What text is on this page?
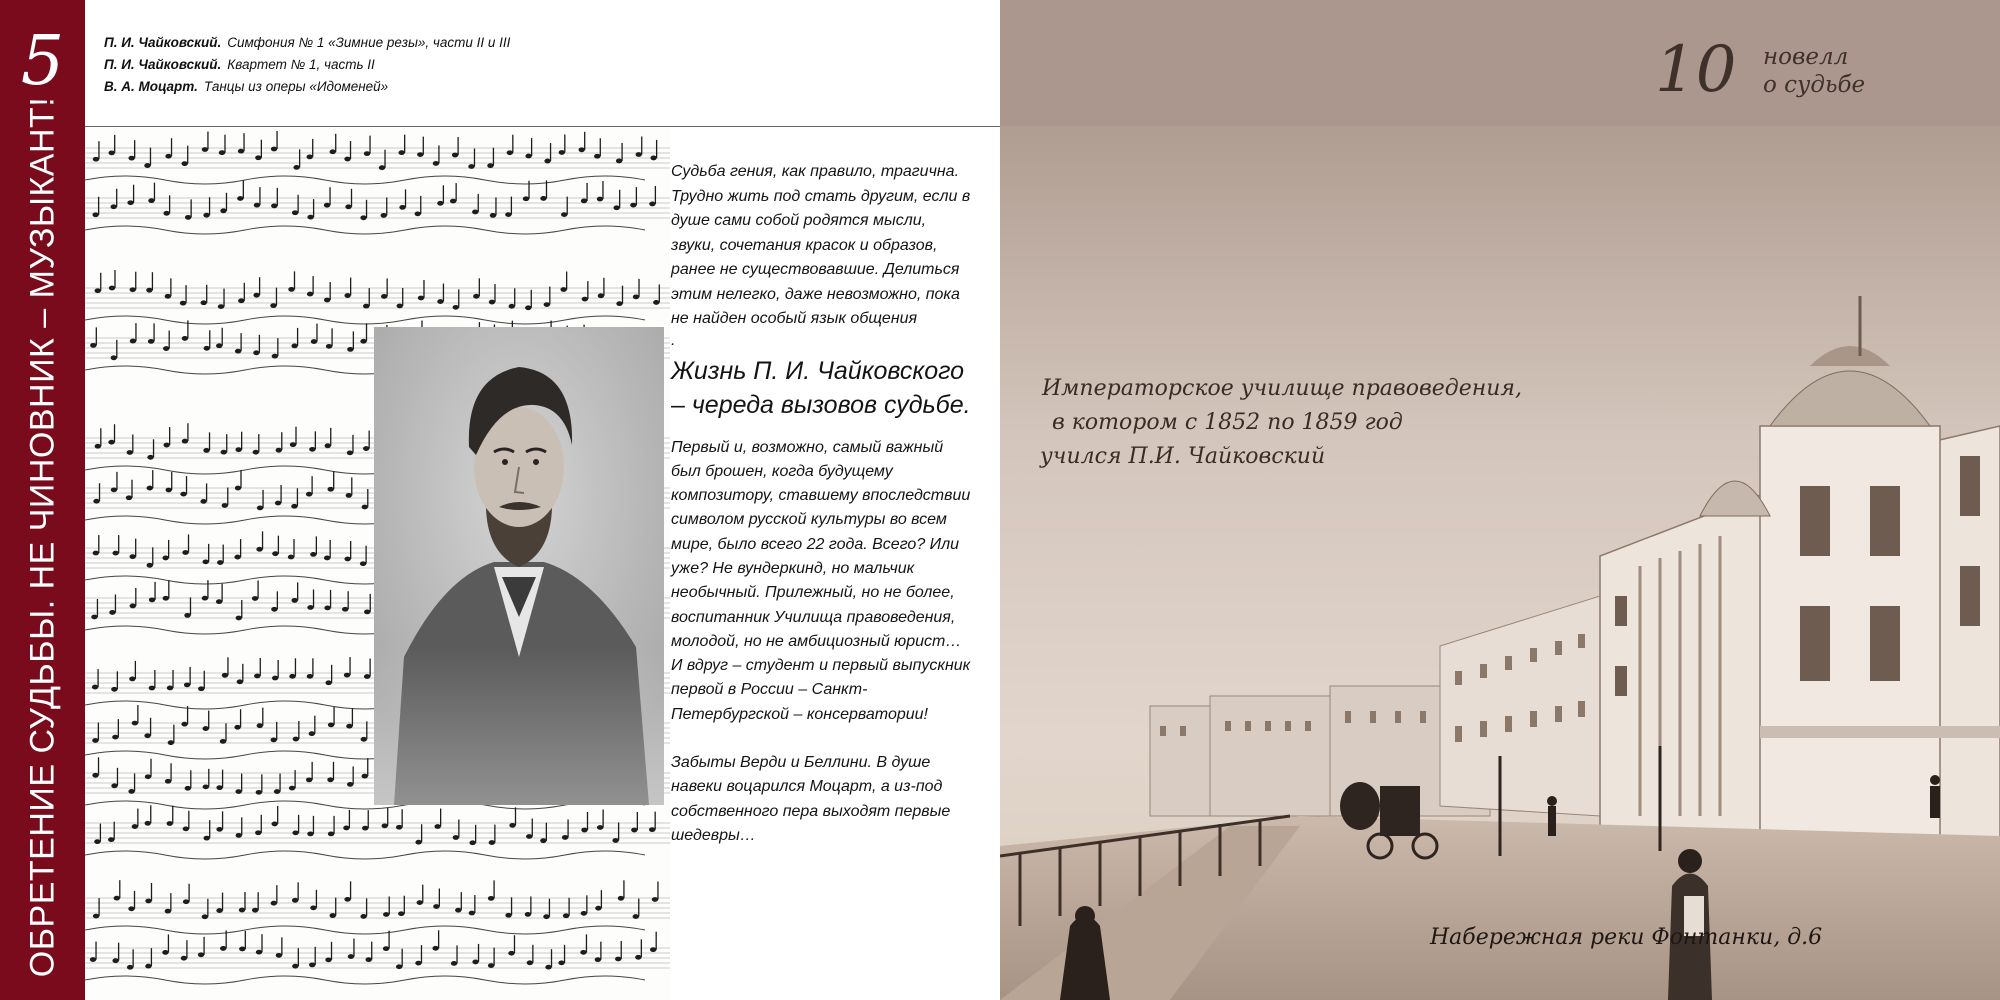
5
ОБРЕТЕНИЕ СУДЬБЫ. НЕ ЧИНОВНИК – МУЗЫКАНТ!
П. И. Чайковский. Симфония № 1 «Зимние резы», части II и III
П. И. Чайковский. Квартет № 1, часть II
В. А. Моцарт. Танцы из оперы «Идоменей»

Судьба гения, как правило, трагична. Трудно жить под стать другим, если в душе сами собой родятся мысли, звуки, сочетания красок и образов, ранее не существовавшие. Делиться этим нелегко, даже невозможно, пока не найден особый язык общения

.

Жизнь П. И. Чайковского – череда вызовов судьбе.

Первый и, возможно, самый важный был брошен, когда будущему композитору, ставшему впоследствии символом русской культуры во всем мире, было всего 22 года. Всего? Или уже? Не вундеркинд, но мальчик необычный. Прилежный, но не более, воспитанник Училища правоведения, молодой, но не амбициозный юрист… И вдруг – студент и первый выпускник первой в России – Санкт-Петербургской – консерватории!

Забыты Верди и Беллини. В душе навеки воцарился Моцарт, а из-под собственного пера выходят первые шедевры…

10 новелл
о судьбе
Императорское училище правоведения,
в котором с 1852 по 1859 год
учился П.И. Чайковский
Набережная реки Фонтанки, д.6
